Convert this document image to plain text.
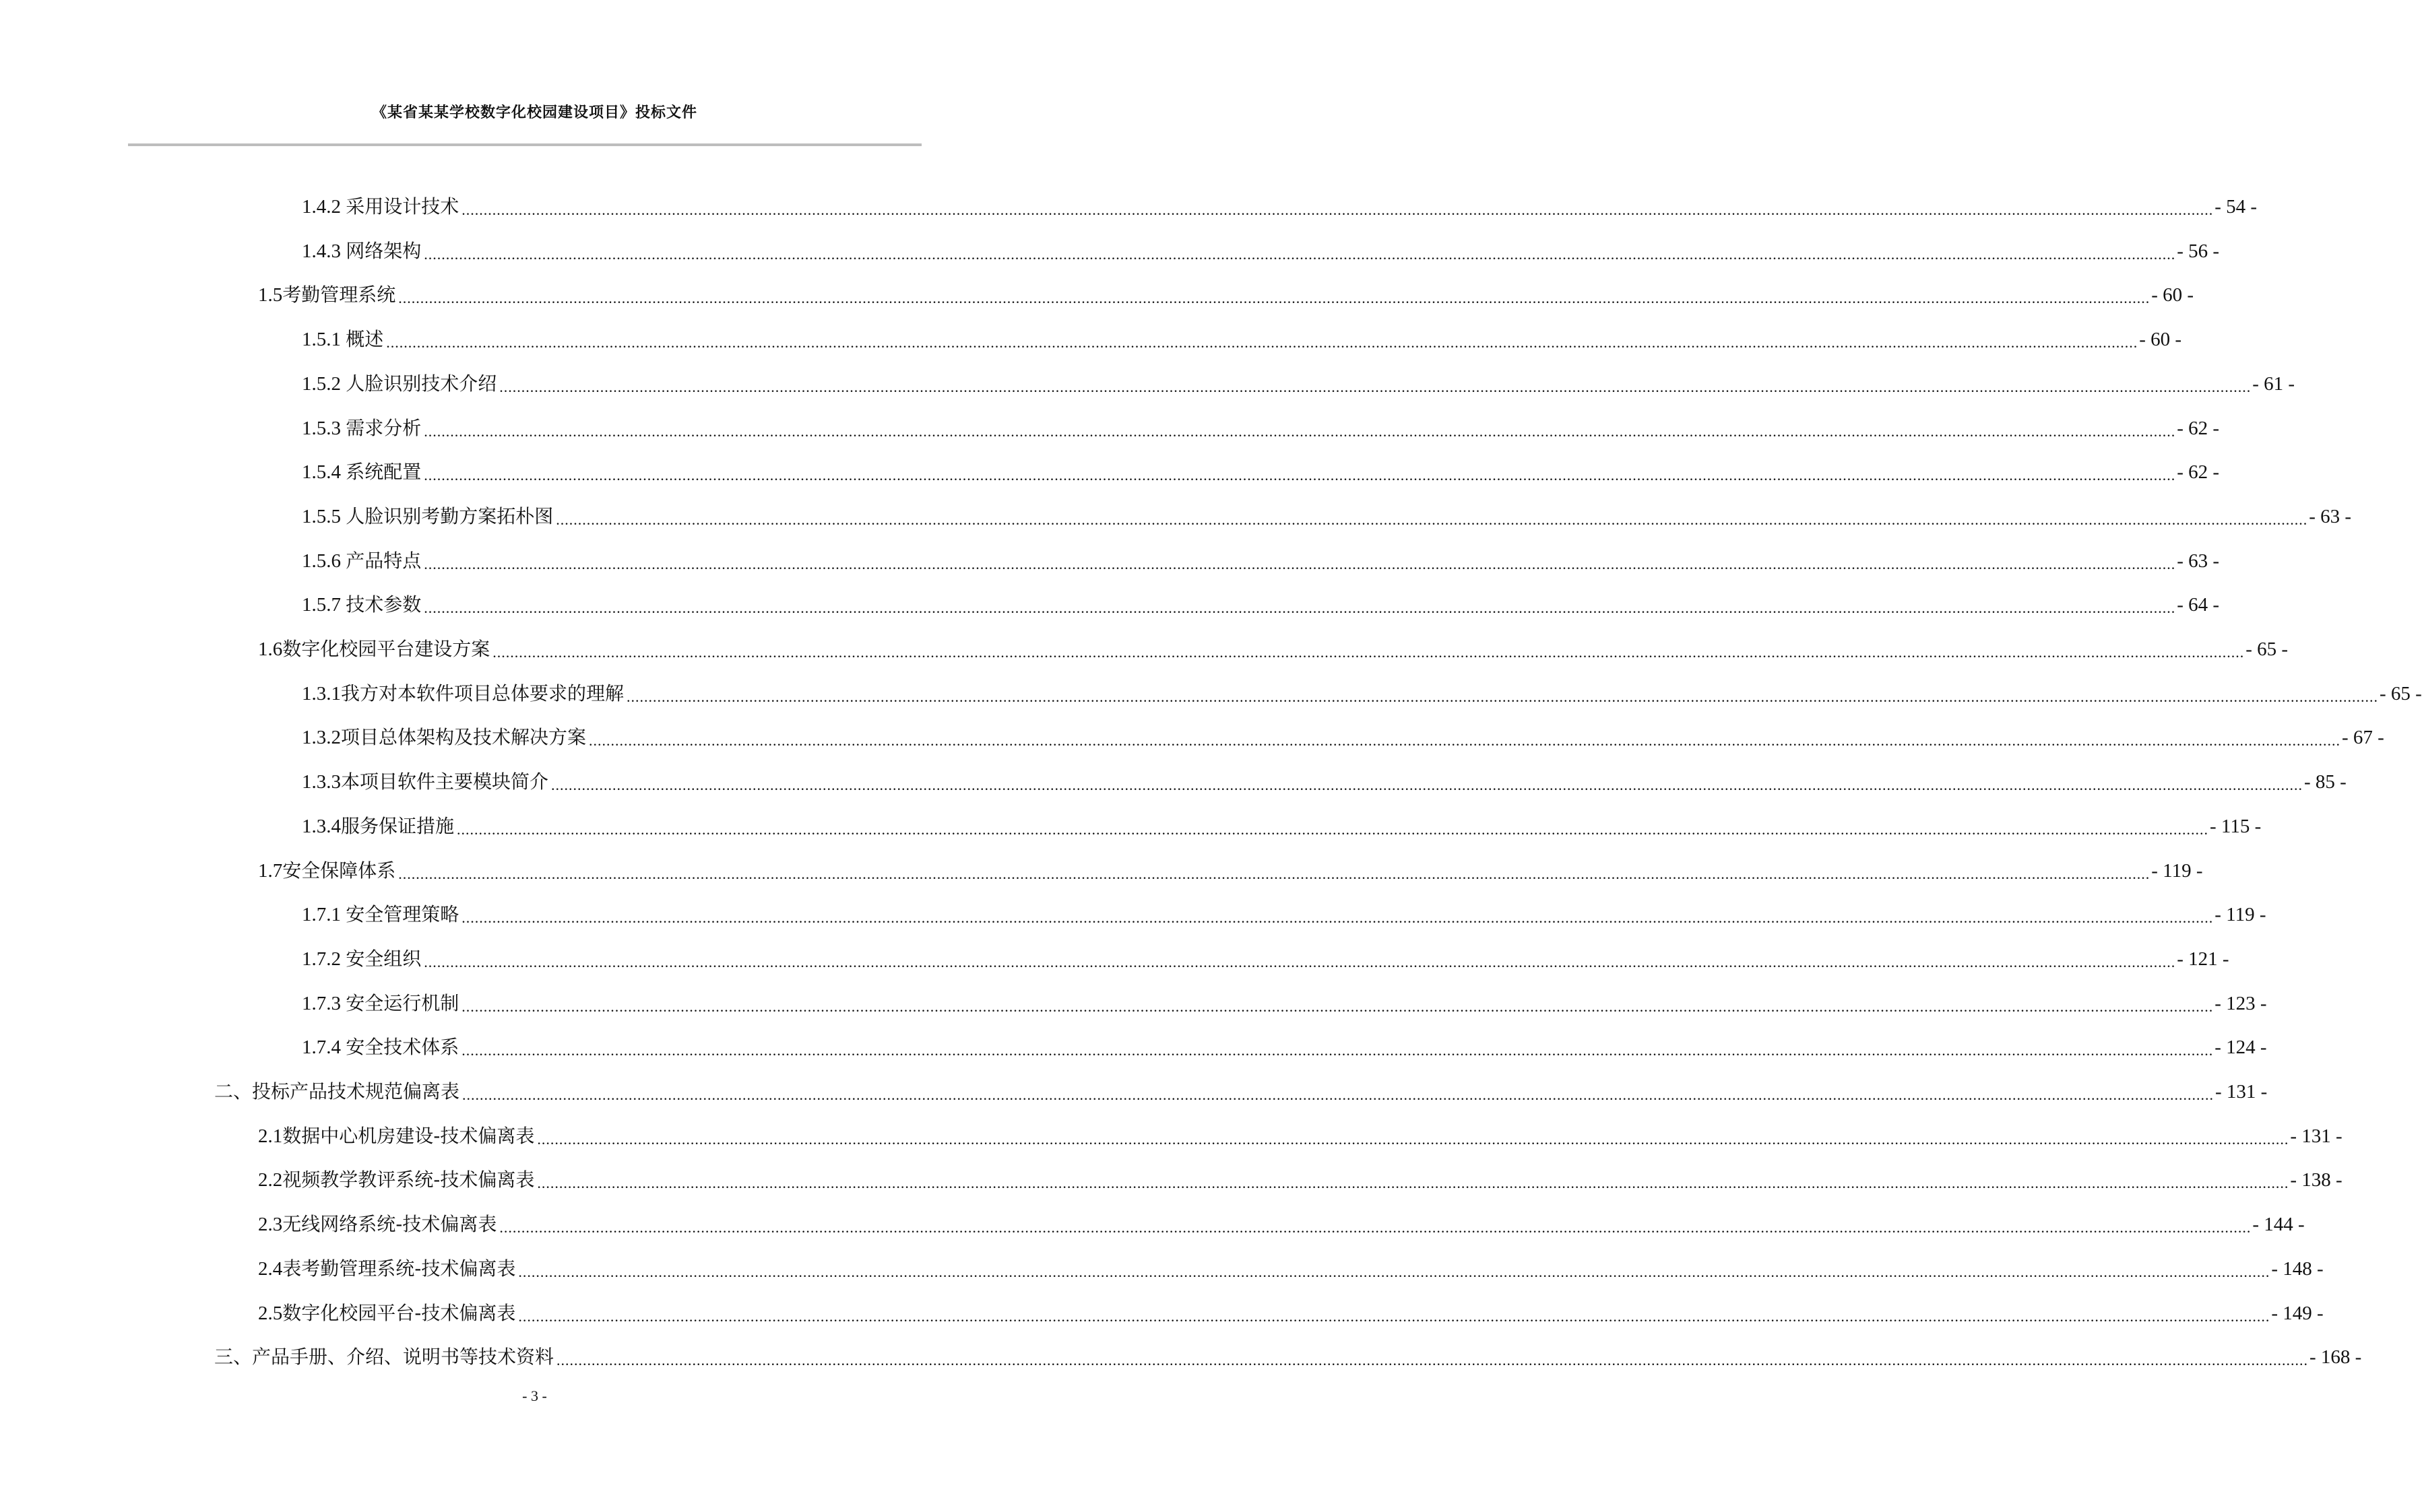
《某省某某学校数字化校园建设项目》投标文件
1.4.2 采用设计技术 ................................................................................................................................................................................................................................................................................................................................................................................................................ - 54 -
1.4.3 网络架构 ................................................................................................................................................................................................................................................................................................................................................................................................................ - 56 -
1.5 考勤管理系统 ................................................................................................................................................................................................................................................................................................................................................................................................................ - 60 -
1.5.1 概述 ................................................................................................................................................................................................................................................................................................................................................................................................................ - 60 -
1.5.2 人脸识别技术介绍 ................................................................................................................................................................................................................................................................................................................................................................................................................ - 61 -
1.5.3 需求分析 ................................................................................................................................................................................................................................................................................................................................................................................................................ - 62 -
1.5.4 系统配置 ................................................................................................................................................................................................................................................................................................................................................................................................................ - 62 -
1.5.5 人脸识别考勤方案拓朴图 ................................................................................................................................................................................................................................................................................................................................................................................................................ - 63 -
1.5.6 产品特点 ................................................................................................................................................................................................................................................................................................................................................................................................................ - 63 -
1.5.7 技术参数 ................................................................................................................................................................................................................................................................................................................................................................................................................ - 64 -
1.6 数字化校园平台建设方案 ................................................................................................................................................................................................................................................................................................................................................................................................................ - 65 -
1.3.1 我方对本软件项目总体要求的理解 ................................................................................................................................................................................................................................................................................................................................................................................................................ - 65 -
1.3.2 项目总体架构及技术解决方案 ................................................................................................................................................................................................................................................................................................................................................................................................................ - 67 -
1.3.3 本项目软件主要模块简介 ................................................................................................................................................................................................................................................................................................................................................................................................................ - 85 -
1.3.4 服务保证措施 ................................................................................................................................................................................................................................................................................................................................................................................................................ - 115 -
1.7 安全保障体系 ................................................................................................................................................................................................................................................................................................................................................................................................................ - 119 -
1.7.1 安全管理策略 ................................................................................................................................................................................................................................................................................................................................................................................................................ - 119 -
1.7.2 安全组织 ................................................................................................................................................................................................................................................................................................................................................................................................................ - 121 -
1.7.3 安全运行机制 ................................................................................................................................................................................................................................................................................................................................................................................................................ - 123 -
1.7.4 安全技术体系 ................................................................................................................................................................................................................................................................................................................................................................................................................ - 124 -
二、投标产品技术规范偏离表 ................................................................................................................................................................................................................................................................................................................................................................................................................ - 131 -
2.1 数据中心机房建设-技术偏离表 ................................................................................................................................................................................................................................................................................................................................................................................................................ - 131 -
2.2 视频教学教评系统-技术偏离表 ................................................................................................................................................................................................................................................................................................................................................................................................................ - 138 -
2.3 无线网络系统-技术偏离表 ................................................................................................................................................................................................................................................................................................................................................................................................................ - 144 -
2.4 表考勤管理系统-技术偏离表 ................................................................................................................................................................................................................................................................................................................................................................................................................ - 148 -
2.5 数字化校园平台-技术偏离表 ................................................................................................................................................................................................................................................................................................................................................................................................................ - 149 -
三、产品手册、介绍、说明书等技术资料 ................................................................................................................................................................................................................................................................................................................................................................................................................ - 168 -
- 3 -
